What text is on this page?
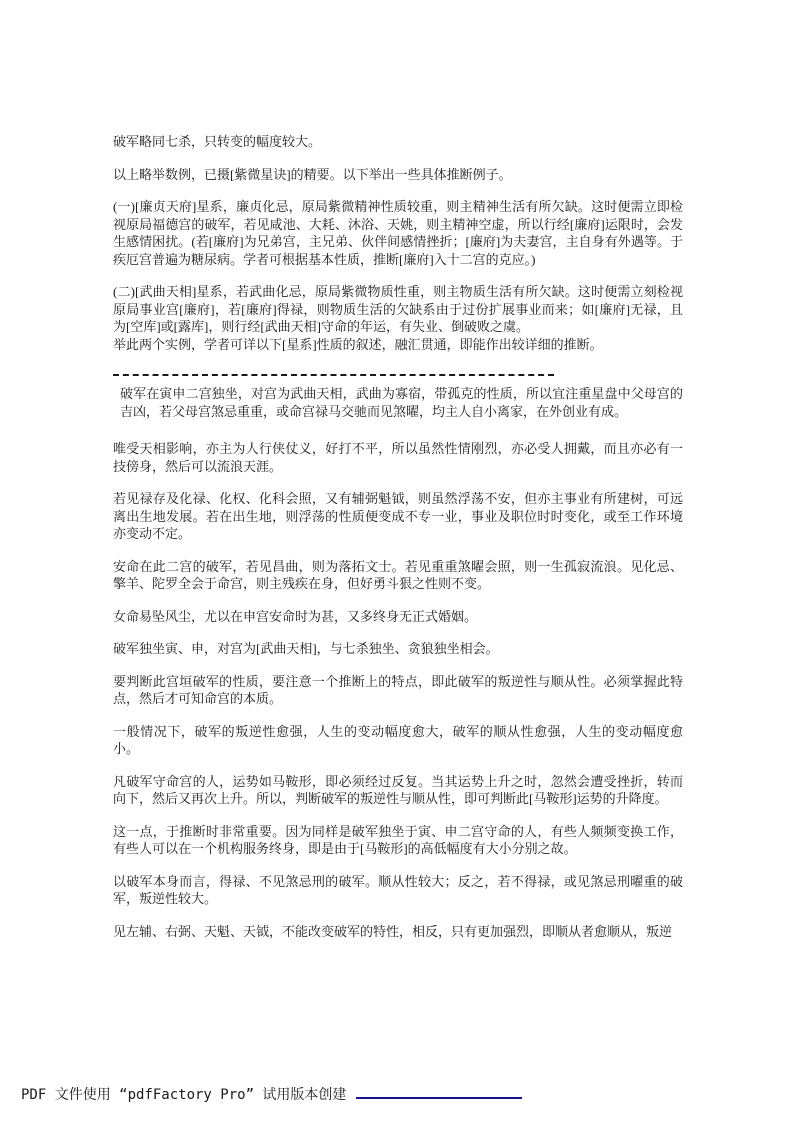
破军略同七杀，只转变的幅度较大。

以上略举数例，已摄[紫微星诀]的精要。以下举出一些具体推断例子。

(一)[廉贞天府]星系，廉贞化忌，原局紫微精神性质较重，则主精神生活有所欠缺。这时便需立即检视原局福德宫的破军，若见咸池、大耗、沐浴、天姚，则主精神空虚，所以行经[廉府]运限时，会发生感情困扰。(若[廉府]为兄弟宫，主兄弟、伙伴间感情挫折；[廉府]为夫妻宫，主自身有外遇等。于疾厄宫普遍为糖尿病。学者可根据基本性质，推断[廉府]入十二宫的克应。)

(二)[武曲天相]星系，若武曲化忌，原局紫微物质性重，则主物质生活有所欠缺。这时便需立刻检视原局事业宫[廉府]，若[廉府]得禄，则物质生活的欠缺系由于过份扩展事业而来；如[廉府]无禄，且为[空库]或[露库]，则行经[武曲天相]守命的年运，有失业、倒破败之虞。

举此两个实例，学者可详以下[星系]性质的叙述，融汇贯通，即能作出较详细的推断。

破军在寅申二宫独坐，对宫为武曲天相，武曲为寡宿，带孤克的性质，所以宜注重星盘中父母宫的吉凶，若父母宫煞忌重重，或命宫禄马交驰而见煞曜，均主人自小离家，在外创业有成。

唯受天相影响，亦主为人行侠仗义，好打不平，所以虽然性情刚烈，亦必受人拥戴，而且亦必有一技傍身，然后可以流浪天涯。

若见禄存及化禄、化权、化科会照，又有辅弼魁钺，则虽然浮荡不安，但亦主事业有所建树，可远离出生地发展。若在出生地，则浮荡的性质便变成不专一业，事业及职位时时变化，或至工作环境亦变动不定。

安命在此二宫的破军，若见昌曲，则为落拓文士。若见重重煞曜会照，则一生孤寂流浪。见化忌、擎羊、陀罗全会于命宫，则主残疾在身，但好勇斗狠之性则不变。

女命易坠风尘，尤以在申宫安命时为甚，又多终身无正式婚姻。

破军独坐寅、申，对宫为[武曲天相]，与七杀独坐、贪狼独坐相会。

要判断此宫垣破军的性质，要注意一个推断上的特点，即此破军的叛逆性与顺从性。必须掌握此特点，然后才可知命宫的本质。

一般情况下，破军的叛逆性愈强，人生的变动幅度愈大，破军的顺从性愈强，人生的变动幅度愈小。

凡破军守命宫的人，运势如马鞍形，即必须经过反复。当其运势上升之时，忽然会遭受挫折，转而向下，然后又再次上升。所以，判断破军的叛逆性与顺从性，即可判断此[马鞍形]运势的升降度。

这一点，于推断时非常重要。因为同样是破军独坐于寅、申二宫守命的人，有些人频频变换工作，有些人可以在一个机构服务终身，即是由于[马鞍形]的高低幅度有大小分别之故。

以破军本身而言，得禄、不见煞忌刑的破军。顺从性较大；反之，若不得禄，或见煞忌刑曜重的破军，叛逆性较大。

见左辅、右弼、天魁、天钺，不能改变破军的特性，相反，只有更加强烈，即顺从者愈顺从，叛逆

PDF 文件使用 “pdfFactory Pro” 试用版本创建
